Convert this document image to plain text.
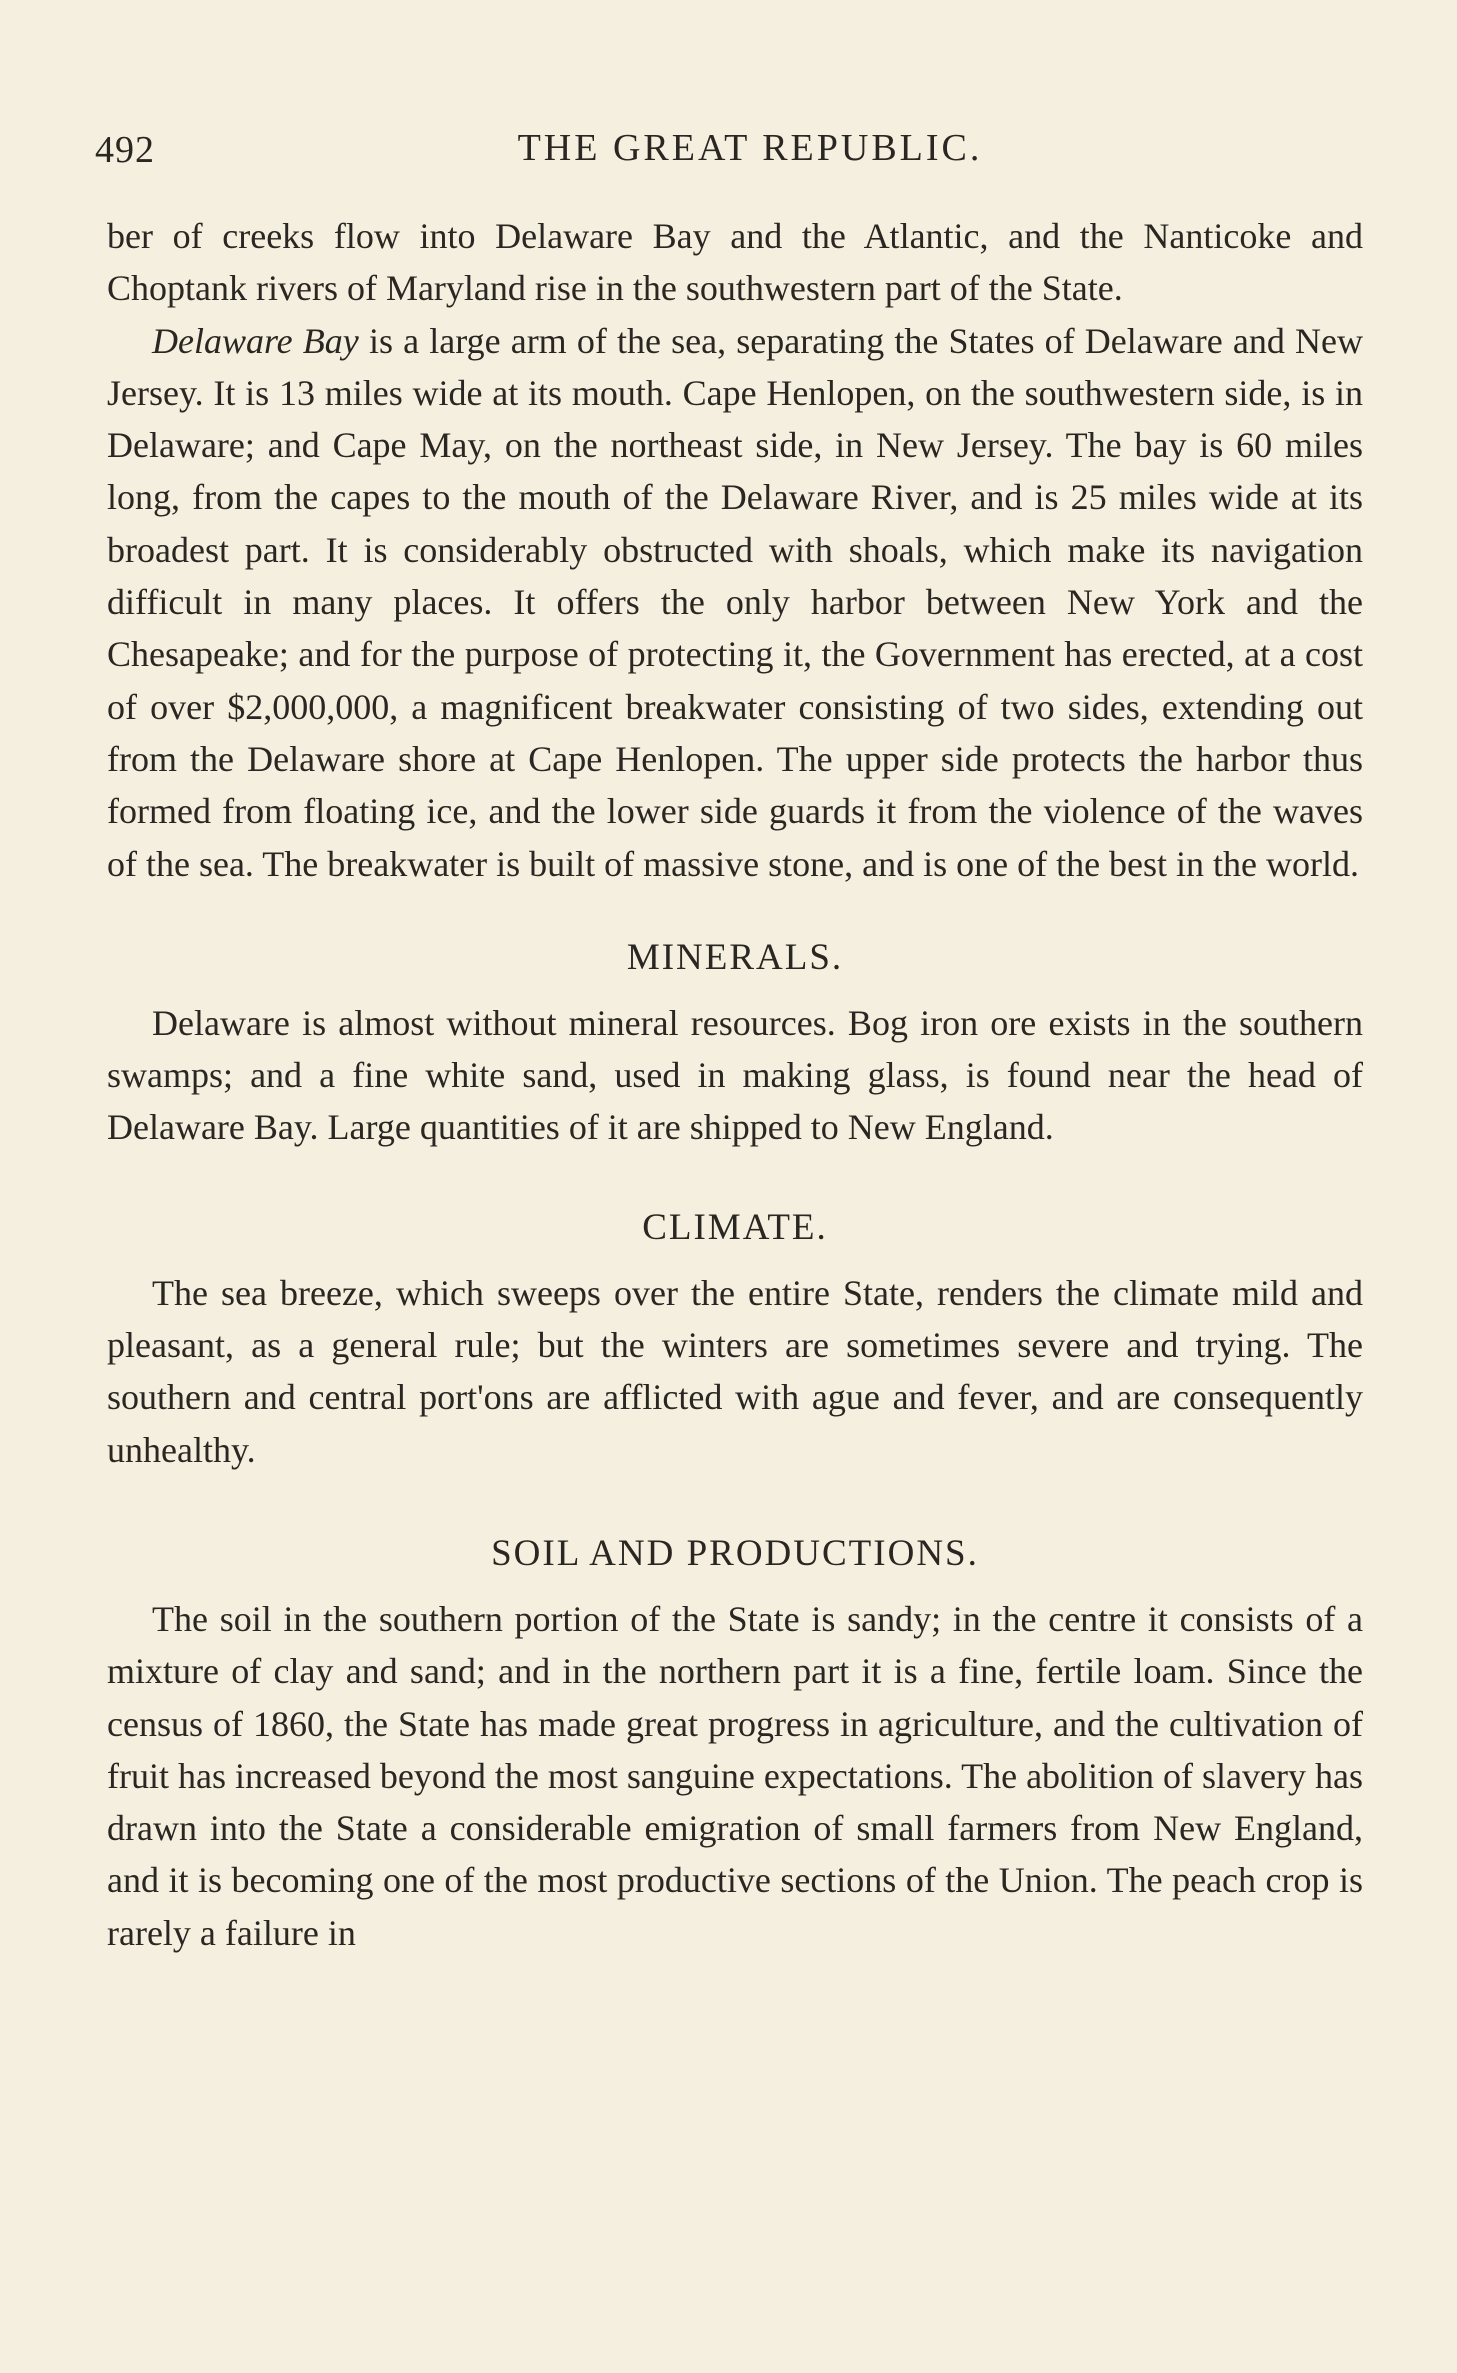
492	THE GREAT REPUBLIC.

ber of creeks flow into Delaware Bay and the Atlantic, and the Nanticoke and Choptank rivers of Maryland rise in the southwestern part of the State.

Delaware Bay is a large arm of the sea, separating the States of Delaware and New Jersey. It is 13 miles wide at its mouth. Cape Henlopen, on the southwestern side, is in Delaware; and Cape May, on the northeast side, in New Jersey. The bay is 60 miles long, from the capes to the mouth of the Delaware River, and is 25 miles wide at its broadest part. It is considerably obstructed with shoals, which make its navigation difficult in many places. It offers the only harbor between New York and the Chesapeake; and for the purpose of protecting it, the Government has erected, at a cost of over $2,000,000, a magnificent breakwater consisting of two sides, extending out from the Delaware shore at Cape Henlopen. The upper side protects the harbor thus formed from floating ice, and the lower side guards it from the violence of the waves of the sea. The breakwater is built of massive stone, and is one of the best in the world.

MINERALS.

Delaware is almost without mineral resources. Bog iron ore exists in the southern swamps; and a fine white sand, used in making glass, is found near the head of Delaware Bay. Large quantities of it are shipped to New England.

CLIMATE.

The sea breeze, which sweeps over the entire State, renders the climate mild and pleasant, as a general rule; but the winters are sometimes severe and trying. The southern and central port'ons are afflicted with ague and fever, and are consequently unhealthy.

SOIL AND PRODUCTIONS.

The soil in the southern portion of the State is sandy; in the centre it consists of a mixture of clay and sand; and in the northern part it is a fine, fertile loam. Since the census of 1860, the State has made great progress in agriculture, and the cultivation of fruit has increased beyond the most sanguine expectations. The abolition of slavery has drawn into the State a considerable emigration of small farmers from New England, and it is becoming one of the most productive sections of the Union. The peach crop is rarely a failure in
